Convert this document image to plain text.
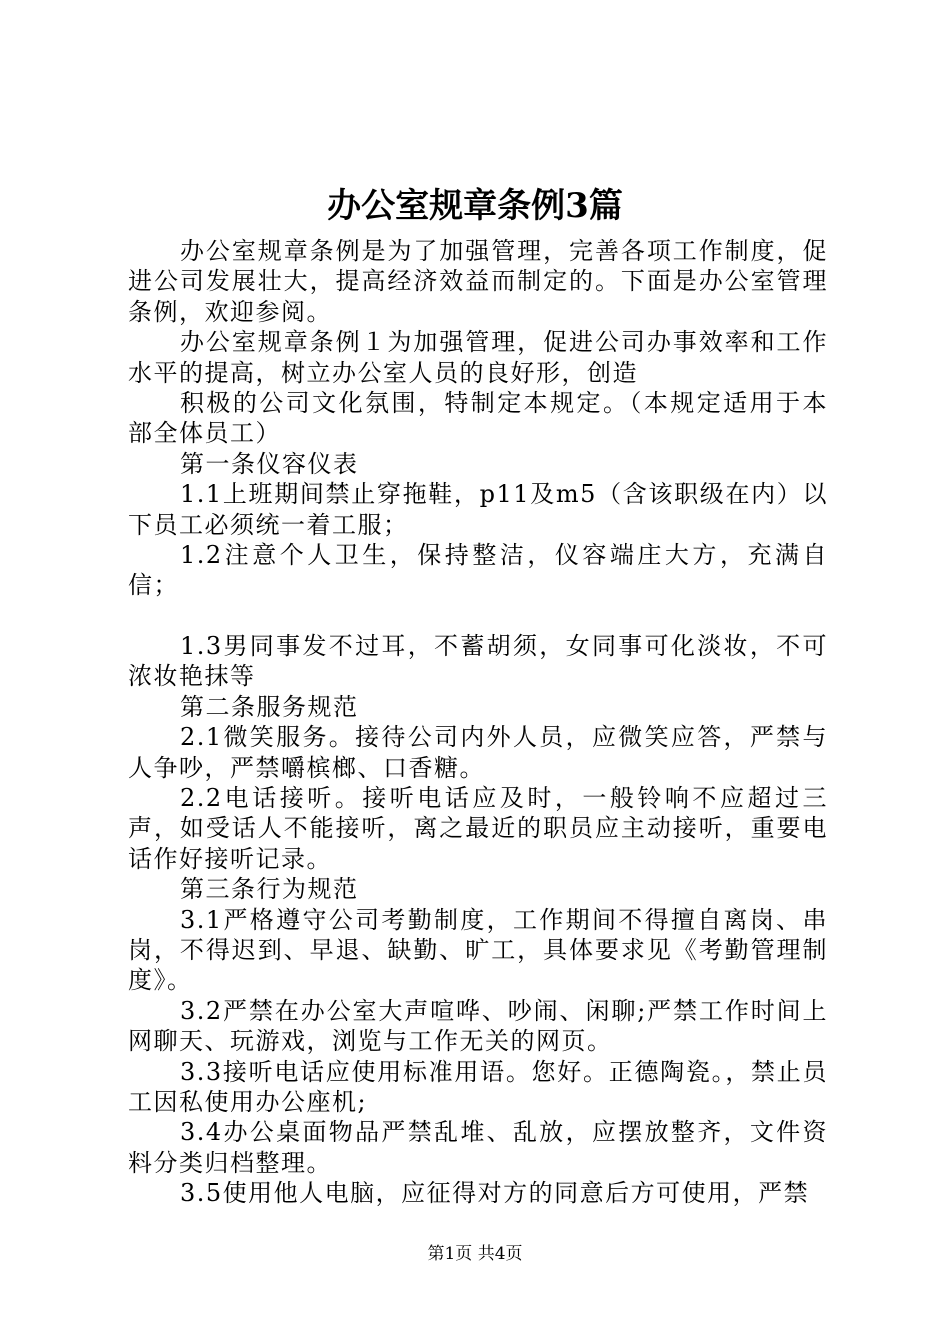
办公室规章条例3篇

办公室规章条例是为了加强管理，完善各项工作制度，促进公司发展壮大，提高经济效益而制定的。下面是办公室管理条例，欢迎参阅。

办公室规章条例１为加强管理，促进公司办事效率和工作水平的提高，树立办公室人员的良好形，创造

积极的公司文化氛围，特制定本规定。（本规定适用于本部全体员工）

第一条仪容仪表

1.1上班期间禁止穿拖鞋，p11及m5（含该职级在内）以下员工必须统一着工服；

1.2注意个人卫生，保持整洁，仪容端庄大方，充满自信；

1.3男同事发不过耳，不蓄胡须，女同事可化淡妆，不可浓妆艳抹等

第二条服务规范

2.1微笑服务。接待公司内外人员，应微笑应答，严禁与人争吵，严禁嚼槟榔、口香糖。

2.2电话接听。接听电话应及时，一般铃响不应超过三声，如受话人不能接听，离之最近的职员应主动接听，重要电话作好接听记录。

第三条行为规范

3.1严格遵守公司考勤制度，工作期间不得擅自离岗、串岗，不得迟到、早退、缺勤、旷工，具体要求见《考勤管理制度》。

3.2严禁在办公室大声喧哗、吵闹、闲聊;严禁工作时间上网聊天、玩游戏，浏览与工作无关的网页。

3.3接听电话应使用标准用语。您好。正德陶瓷。，禁止员工因私使用办公座机;

3.4办公桌面物品严禁乱堆、乱放，应摆放整齐，文件资料分类归档整理。

3.5使用他人电脑，应征得对方的同意后方可使用，严禁

第1页 共4页
